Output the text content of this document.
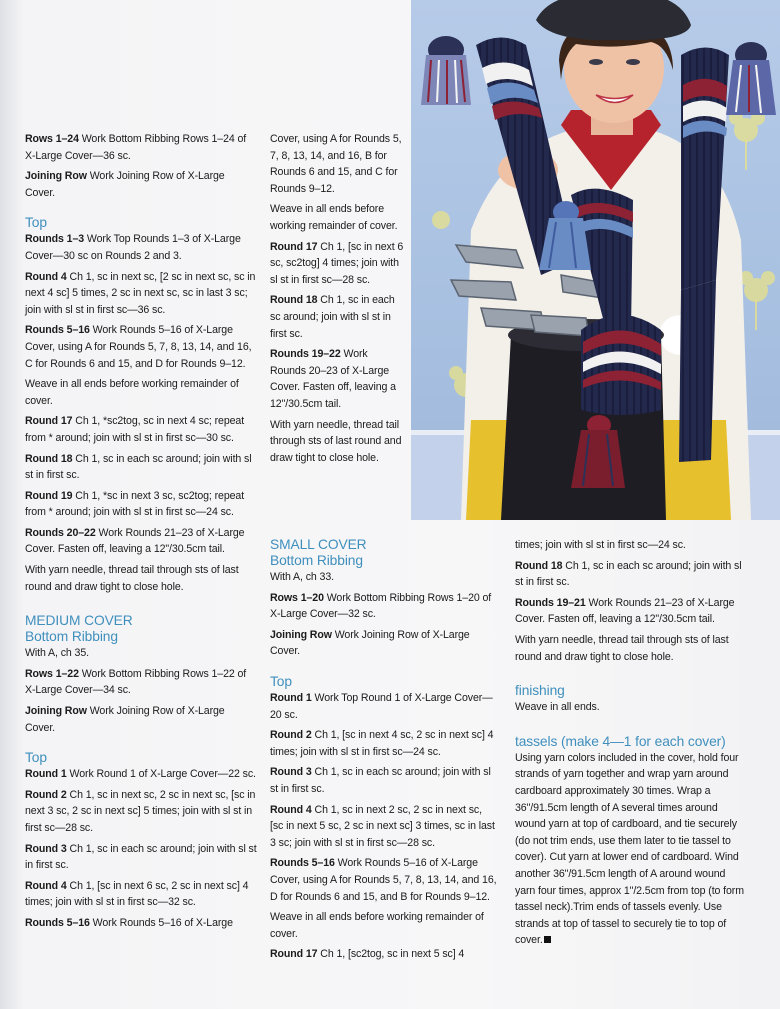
Rows 1–24 Work Bottom Ribbing Rows 1–24 of X-Large Cover—36 sc.

Joining Row Work Joining Row of X-Large Cover.

Top

Rounds 1–3 Work Top Rounds 1–3 of X-Large Cover—30 sc on Rounds 2 and 3.

Round 4 Ch 1, sc in next sc, [2 sc in next sc, sc in next 4 sc] 5 times, 2 sc in next sc, sc in last 3 sc; join with sl st in first sc—36 sc.

Rounds 5–16 Work Rounds 5–16 of X-Large Cover, using A for Rounds 5, 7, 8, 13, 14, and 16, C for Rounds 6 and 15, and D for Rounds 9–12.

Weave in all ends before working remainder of cover.

Round 17 Ch 1, *sc2tog, sc in next 4 sc; repeat from * around; join with sl st in first sc—30 sc.

Round 18 Ch 1, sc in each sc around; join with sl st in first sc.

Round 19 Ch 1, *sc in next 3 sc, sc2tog; repeat from * around; join with sl st in first sc—24 sc.

Rounds 20–22 Work Rounds 21–23 of X-Large Cover. Fasten off, leaving a 12"/30.5cm tail.

With yarn needle, thread tail through sts of last round and draw tight to close hole.

MEDIUM COVER
Bottom Ribbing

With A, ch 35.

Rows 1–22 Work Bottom Ribbing Rows 1–22 of X-Large Cover—34 sc.

Joining Row Work Joining Row of X-Large Cover.

Top

Round 1 Work Round 1 of X-Large Cover—22 sc.

Round 2 Ch 1, sc in next sc, 2 sc in next sc, [sc in next 3 sc, 2 sc in next sc] 5 times; join with sl st in first sc—28 sc.

Round 3 Ch 1, sc in each sc around; join with sl st in first sc.

Round 4 Ch 1, [sc in next 6 sc, 2 sc in next sc] 4 times; join with sl st in first sc—32 sc.

Rounds 5–16 Work Rounds 5–16 of X-Large

Cover, using A for Rounds 5, 7, 8, 13, 14, and 16, B for Rounds 6 and 15, and C for Rounds 9–12.

Weave in all ends before working remainder of cover.

Round 17 Ch 1, [sc in next 6 sc, sc2tog] 4 times; join with sl st in first sc—28 sc.

Round 18 Ch 1, sc in each sc around; join with sl st in first sc.

Rounds 19–22 Work Rounds 20–23 of X-Large Cover. Fasten off, leaving a 12"/30.5cm tail.

With yarn needle, thread tail through sts of last round and draw tight to close hole.

SMALL COVER
Bottom Ribbing

With A, ch 33.

Rows 1–20 Work Bottom Ribbing Rows 1–20 of X-Large Cover—32 sc.

Joining Row Work Joining Row of X-Large Cover.

Top

Round 1 Work Top Round 1 of X-Large Cover—20 sc.

Round 2 Ch 1, [sc in next 4 sc, 2 sc in next sc] 4 times; join with sl st in first sc—24 sc.

Round 3 Ch 1, sc in each sc around; join with sl st in first sc.

Round 4 Ch 1, sc in next 2 sc, 2 sc in next sc, [sc in next 5 sc, 2 sc in next sc] 3 times, sc in last 3 sc; join with sl st in first sc—28 sc.

Rounds 5–16 Work Rounds 5–16 of X-Large Cover, using A for Rounds 5, 7, 8, 13, 14, and 16, D for Rounds 6 and 15, and B for Rounds 9–12.

Weave in all ends before working remainder of cover.

Round 17 Ch 1, [sc2tog, sc in next 5 sc] 4

times; join with sl st in first sc—24 sc.

Round 18 Ch 1, sc in each sc around; join with sl st in first sc.

Rounds 19–21 Work Rounds 21–23 of X-Large Cover. Fasten off, leaving a 12"/30.5cm tail.

With yarn needle, thread tail through sts of last round and draw tight to close hole.

finishing

Weave in all ends.

tassels (make 4—1 for each cover)

Using yarn colors included in the cover, hold four strands of yarn together and wrap yarn around cardboard approximately 30 times. Wrap a 36"/91.5cm length of A several times around wound yarn at top of cardboard, and tie securely (do not trim ends, use them later to tie tassel to cover). Cut yarn at lower end of cardboard. Wind another 36"/91.5cm length of A around wound yarn four times, approx 1"/2.5cm from top (to form tassel neck).Trim ends of tassels evenly. Use strands at top of tassel to securely tie to top of cover.
